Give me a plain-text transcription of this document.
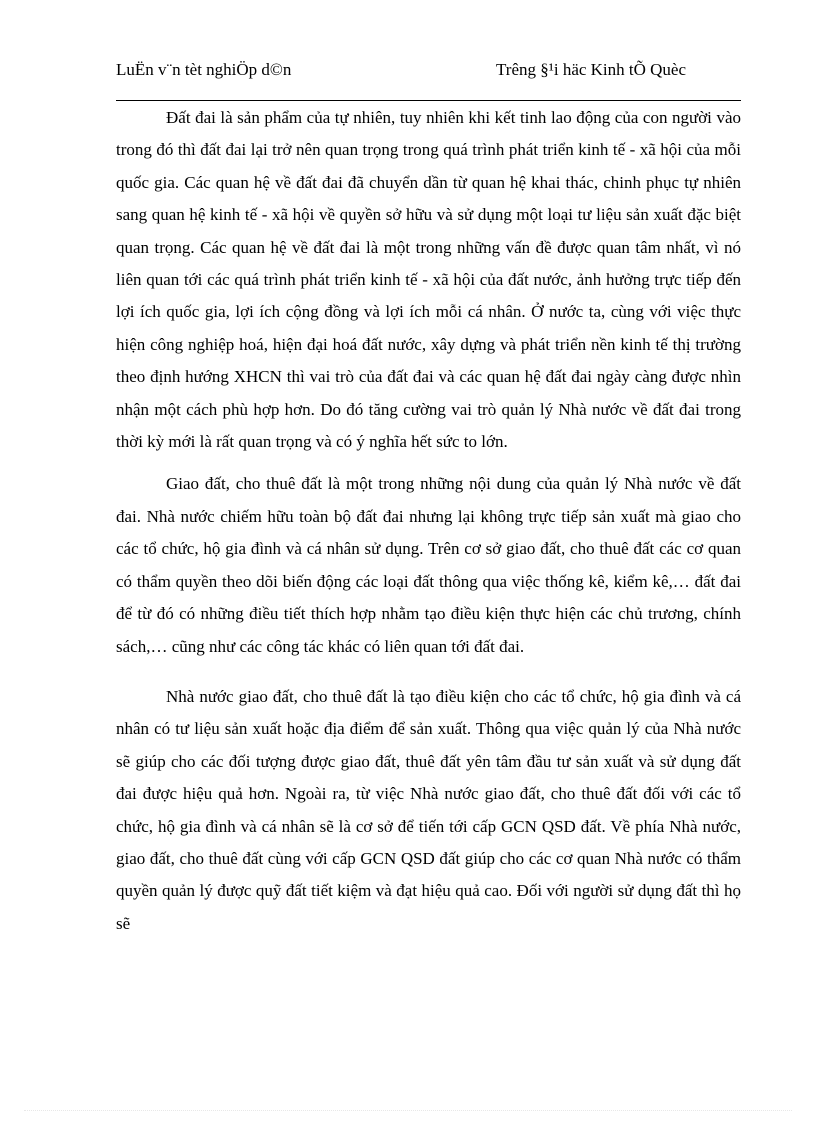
LuËn v¨n tèt nghiÖp d©n	Trêng §¹i häc Kinh tÕ Quèc

Đất đai là sản phẩm của tự nhiên, tuy nhiên khi kết tinh lao động của con người vào trong đó thì đất đai lại trở nên quan trọng trong quá trình phát triển kinh tế - xã hội của mỗi quốc gia. Các quan hệ về đất đai đã chuyển dần từ quan hệ khai thác, chinh phục tự nhiên sang quan hệ kinh tế - xã hội về quyền sở hữu và sử dụng một loại tư liệu sản xuất đặc biệt quan trọng. Các quan hệ về đất đai là một trong những vấn đề được quan tâm nhất, vì nó liên quan tới các quá trình phát triển kinh tế - xã hội của đất nước, ảnh hưởng trực tiếp đến lợi ích quốc gia, lợi ích cộng đồng và lợi ích mỗi cá nhân. Ở nước ta, cùng với việc thực hiện công nghiệp hoá, hiện đại hoá đất nước, xây dựng và phát triển nền kinh tế thị trường theo định hướng XHCN thì vai trò của đất đai và các quan hệ đất đai ngày càng được nhìn nhận một cách phù hợp hơn. Do đó tăng cường vai trò quản lý Nhà nước về đất đai trong thời kỳ mới là rất quan trọng và có ý nghĩa hết sức to lớn.

Giao đất, cho thuê đất là một trong những nội dung của quản lý Nhà nước về đất đai. Nhà nước chiếm hữu toàn bộ đất đai nhưng lại không trực tiếp sản xuất mà giao cho các tổ chức, hộ gia đình và cá nhân sử dụng. Trên cơ sở giao đất, cho thuê đất các cơ quan có thẩm quyền theo dõi biến động các loại đất thông qua việc thống kê, kiểm kê,… đất đai để từ đó có những điều tiết thích hợp nhằm tạo điều kiện thực hiện các chủ trương, chính sách,… cũng như các công tác khác có liên quan tới đất đai.

Nhà nước giao đất, cho thuê đất là tạo điều kiện cho các tổ chức, hộ gia đình và cá nhân có tư liệu sản xuất hoặc địa điểm để sản xuất. Thông qua việc quản lý của Nhà nước sẽ giúp cho các đối tượng được giao đất, thuê đất yên tâm đầu tư sản xuất và sử dụng đất đai được hiệu quả hơn. Ngoài ra, từ việc Nhà nước giao đất, cho thuê đất đối với các tổ chức, hộ gia đình và cá nhân sẽ là cơ sở để tiến tới cấp GCN QSD đất. Về phía Nhà nước, giao đất, cho thuê đất cùng với cấp GCN QSD đất giúp cho các cơ quan Nhà nước có thẩm quyền quản lý được quỹ đất tiết kiệm và đạt hiệu quả cao. Đối với người sử dụng đất thì họ sẽ
